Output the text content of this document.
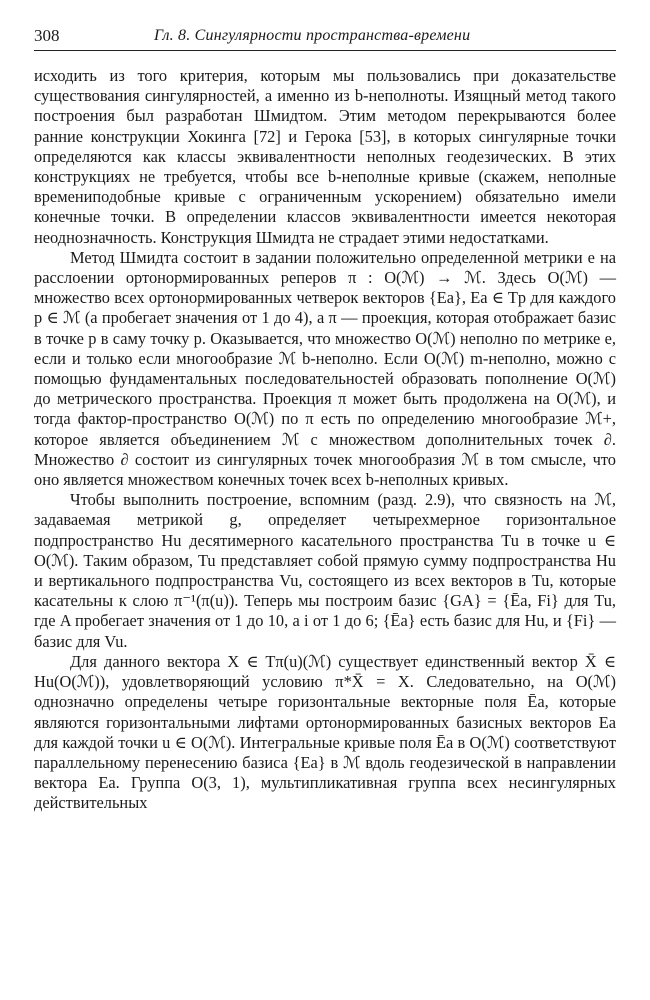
308	Гл. 8. Сингулярности пространства-времени

исходить из того критерия, которым мы пользовались при доказательстве существования сингулярностей, а именно из b-неполноты. Изящный метод такого построения был разработан Шмидтом. Этим методом перекрываются более ранние конструкции Хокинга [72] и Герока [53], в которых сингулярные точки определяются как классы эквивалентности неполных геодезических. В этих конструкциях не требуется, чтобы все b-неполные кривые (скажем, неполные времениподобные кривые с ограниченным ускорением) обязательно имели конечные точки. В определении классов эквивалентности имеется некоторая неоднозначность. Конструкция Шмидта не страдает этими недостатками.

Метод Шмидта состоит в задании положительно определенной метрики e на расслоении ортонормированных реперов π : O(ℳ) → ℳ. Здесь O(ℳ) — множество всех ортонормированных четверок векторов {Ea}, Ea ∈ Tp для каждого p ∈ ℳ (a пробегает значения от 1 до 4), а π — проекция, которая отображает базис в точке p в саму точку p. Оказывается, что множество O(ℳ) неполно по метрике e, если и только если многообразие ℳ b-неполно. Если O(ℳ) m-неполно, можно с помощью фундаментальных последовательностей образовать пополнение O(ℳ) до метрического пространства. Проекция π может быть продолжена на O(ℳ), и тогда фактор-пространство O(ℳ) по π есть по определению многообразие ℳ+, которое является объединением ℳ с множеством дополнительных точек ∂. Множество ∂ состоит из сингулярных точек многообразия ℳ в том смысле, что оно является множеством конечных точек всех b-неполных кривых.

Чтобы выполнить построение, вспомним (разд. 2.9), что связность на ℳ, задаваемая метрикой g, определяет четырехмерное горизонтальное подпространство Hu десятимерного касательного пространства Tu в точке u ∈ O(ℳ). Таким образом, Tu представляет собой прямую сумму подпространства Hu и вертикального подпространства Vu, состоящего из всех векторов в Tu, которые касательны к слою π⁻¹(π(u)). Теперь мы построим базис {GA} = {Ēa, Fi} для Tu, где A пробегает значения от 1 до 10, а i от 1 до 6; {Ēa} есть базис для Hu, и {Fi} — базис для Vu.

Для данного вектора X ∈ Tπ(u)(ℳ) существует единственный вектор X̄ ∈ Hu(O(ℳ)), удовлетворяющий условию π*X̄ = X. Следовательно, на O(ℳ) однозначно определены четыре горизонтальные векторные поля Ēa, которые являются горизонтальными лифтами ортонормированных базисных векторов Ea для каждой точки u ∈ O(ℳ). Интегральные кривые поля Ēa в O(ℳ) соответствуют параллельному перенесению базиса {Ea} в ℳ вдоль геодезической в направлении вектора Ea. Группа O(3, 1), мультипликативная группа всех несингулярных действительных
